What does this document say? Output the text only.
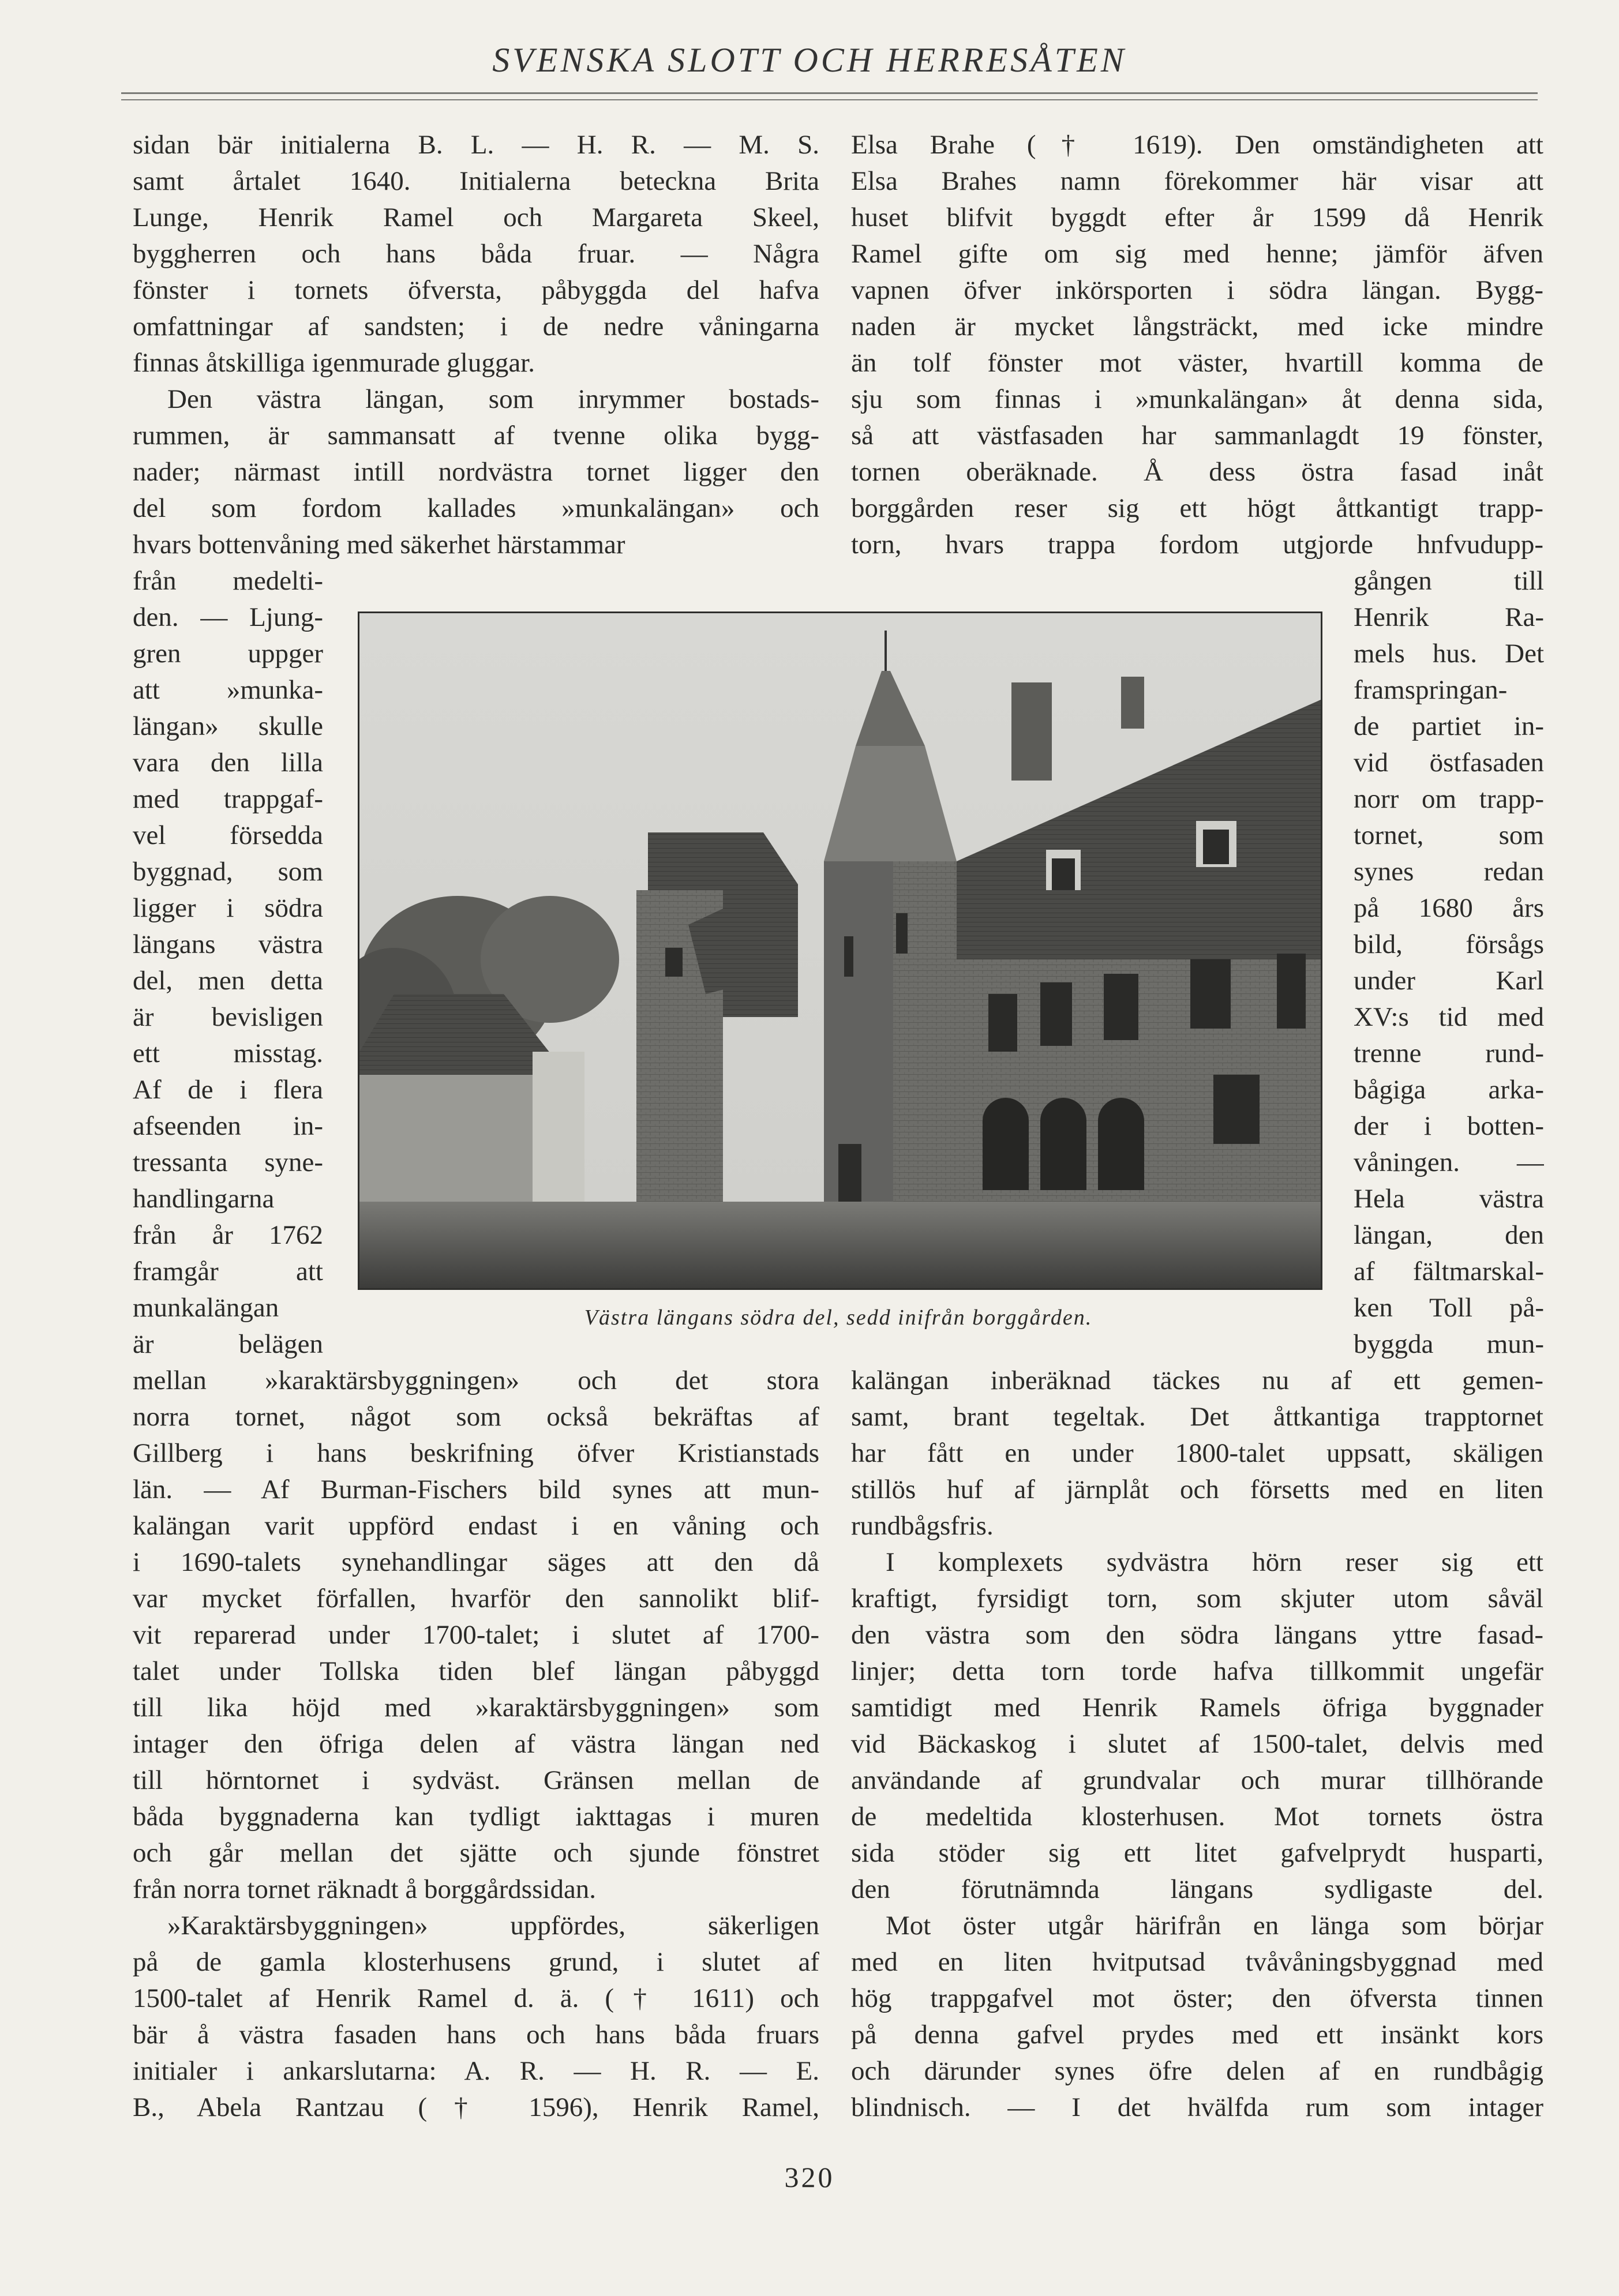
SVENSKA SLOTT OCH HERRESÅTEN
sidan bär initialerna B. L. — H. R. — M. S.
samt årtalet 1640. Initialerna beteckna Brita
Lunge, Henrik Ramel och Margareta Skeel,
byggherren och hans båda fruar. — Några
fönster i tornets öfversta, påbyggda del hafva
omfattningar af sandsten; i de nedre våningarna
finnas åtskilliga igenmurade gluggar.
Den västra längan, som inrymmer bostads-
rummen, är sammansatt af tvenne olika bygg-
nader; närmast intill nordvästra tornet ligger den
del som fordom kallades »munkalängan» och
hvars bottenvåning med säkerhet härstammar
från medelti-
den. — Ljung-
gren uppger
att »munka-
längan» skulle
vara den lilla
med trappgaf-
vel försedda
byggnad, som
ligger i södra
längans västra
del, men detta
är bevisligen
ett misstag.
Af de i flera
afseenden in-
tressanta syne-
handlingarna
från år 1762
framgår att
munkalängan
är belägen
mellan »karaktärsbyggningen» och det stora
norra tornet, något som också bekräftas af
Gillberg i hans beskrifning öfver Kristianstads
län. — Af Burman-Fischers bild synes att mun-
kalängan varit uppförd endast i en våning och
i 1690-talets synehandlingar säges att den då
var mycket förfallen, hvarför den sannolikt blif-
vit reparerad under 1700-talet; i slutet af 1700-
talet under Tollska tiden blef längan påbyggd
till lika höjd med »karaktärsbyggningen» som
intager den öfriga delen af västra längan ned
till hörntornet i sydväst. Gränsen mellan de
båda byggnaderna kan tydligt iakttagas i muren
och går mellan det sjätte och sjunde fönstret
från norra tornet räknadt å borggårdssidan.
»Karaktärsbyggningen» uppfördes, säkerligen
på de gamla klosterhusens grund, i slutet af
1500-talet af Henrik Ramel d. ä. († 1611) och
bär å västra fasaden hans och hans båda fruars
initialer i ankarslutarna: A. R. — H. R. — E.
B., Abela Rantzau († 1596), Henrik Ramel,
Elsa Brahe († 1619). Den omständigheten att
Elsa Brahes namn förekommer här visar att
huset blifvit byggdt efter år 1599 då Henrik
Ramel gifte om sig med henne; jämför äfven
vapnen öfver inkörsporten i södra längan. Bygg-
naden är mycket långsträckt, med icke mindre
än tolf fönster mot väster, hvartill komma de
sju som finnas i »munkalängan» åt denna sida,
så att västfasaden har sammanlagdt 19 fönster,
tornen oberäknade. Å dess östra fasad inåt
borggården reser sig ett högt åttkantigt trapp-
torn, hvars trappa fordom utgjorde hnfvudupp-
gången till
Henrik Ra-
mels hus. Det
framspringan-
de partiet in-
vid östfasaden
norr om trapp-
tornet, som
synes redan
på 1680 års
bild, försågs
under Karl
XV:s tid med
trenne rund-
bågiga arka-
der i botten-
våningen. —
Hela västra
längan, den
af fältmarskal-
ken Toll på-
byggda mun-
kalängan inberäknad täckes nu af ett gemen-
samt, brant tegeltak. Det åttkantiga trapptornet
har fått en under 1800-talet uppsatt, skäligen
stillös huf af järnplåt och försetts med en liten
rundbågsfris.
I komplexets sydvästra hörn reser sig ett
kraftigt, fyrsidigt torn, som skjuter utom såväl
den västra som den södra längans yttre fasad-
linjer; detta torn torde hafva tillkommit ungefär
samtidigt med Henrik Ramels öfriga byggnader
vid Bäckaskog i slutet af 1500-talet, delvis med
användande af grundvalar och murar tillhörande
de medeltida klosterhusen. Mot tornets östra
sida stöder sig ett litet gafvelprydt husparti,
den förutnämnda längans sydligaste del.
Mot öster utgår härifrån en länga som börjar
med en liten hvitputsad tvåvåningsbyggnad med
hög trappgafvel mot öster; den öfversta tinnen
på denna gafvel prydes med ett insänkt kors
och därunder synes öfre delen af en rundbågig
blindnisch. — I det hvälfda rum som intager
Västra längans södra del, sedd inifrån borggården.
320
